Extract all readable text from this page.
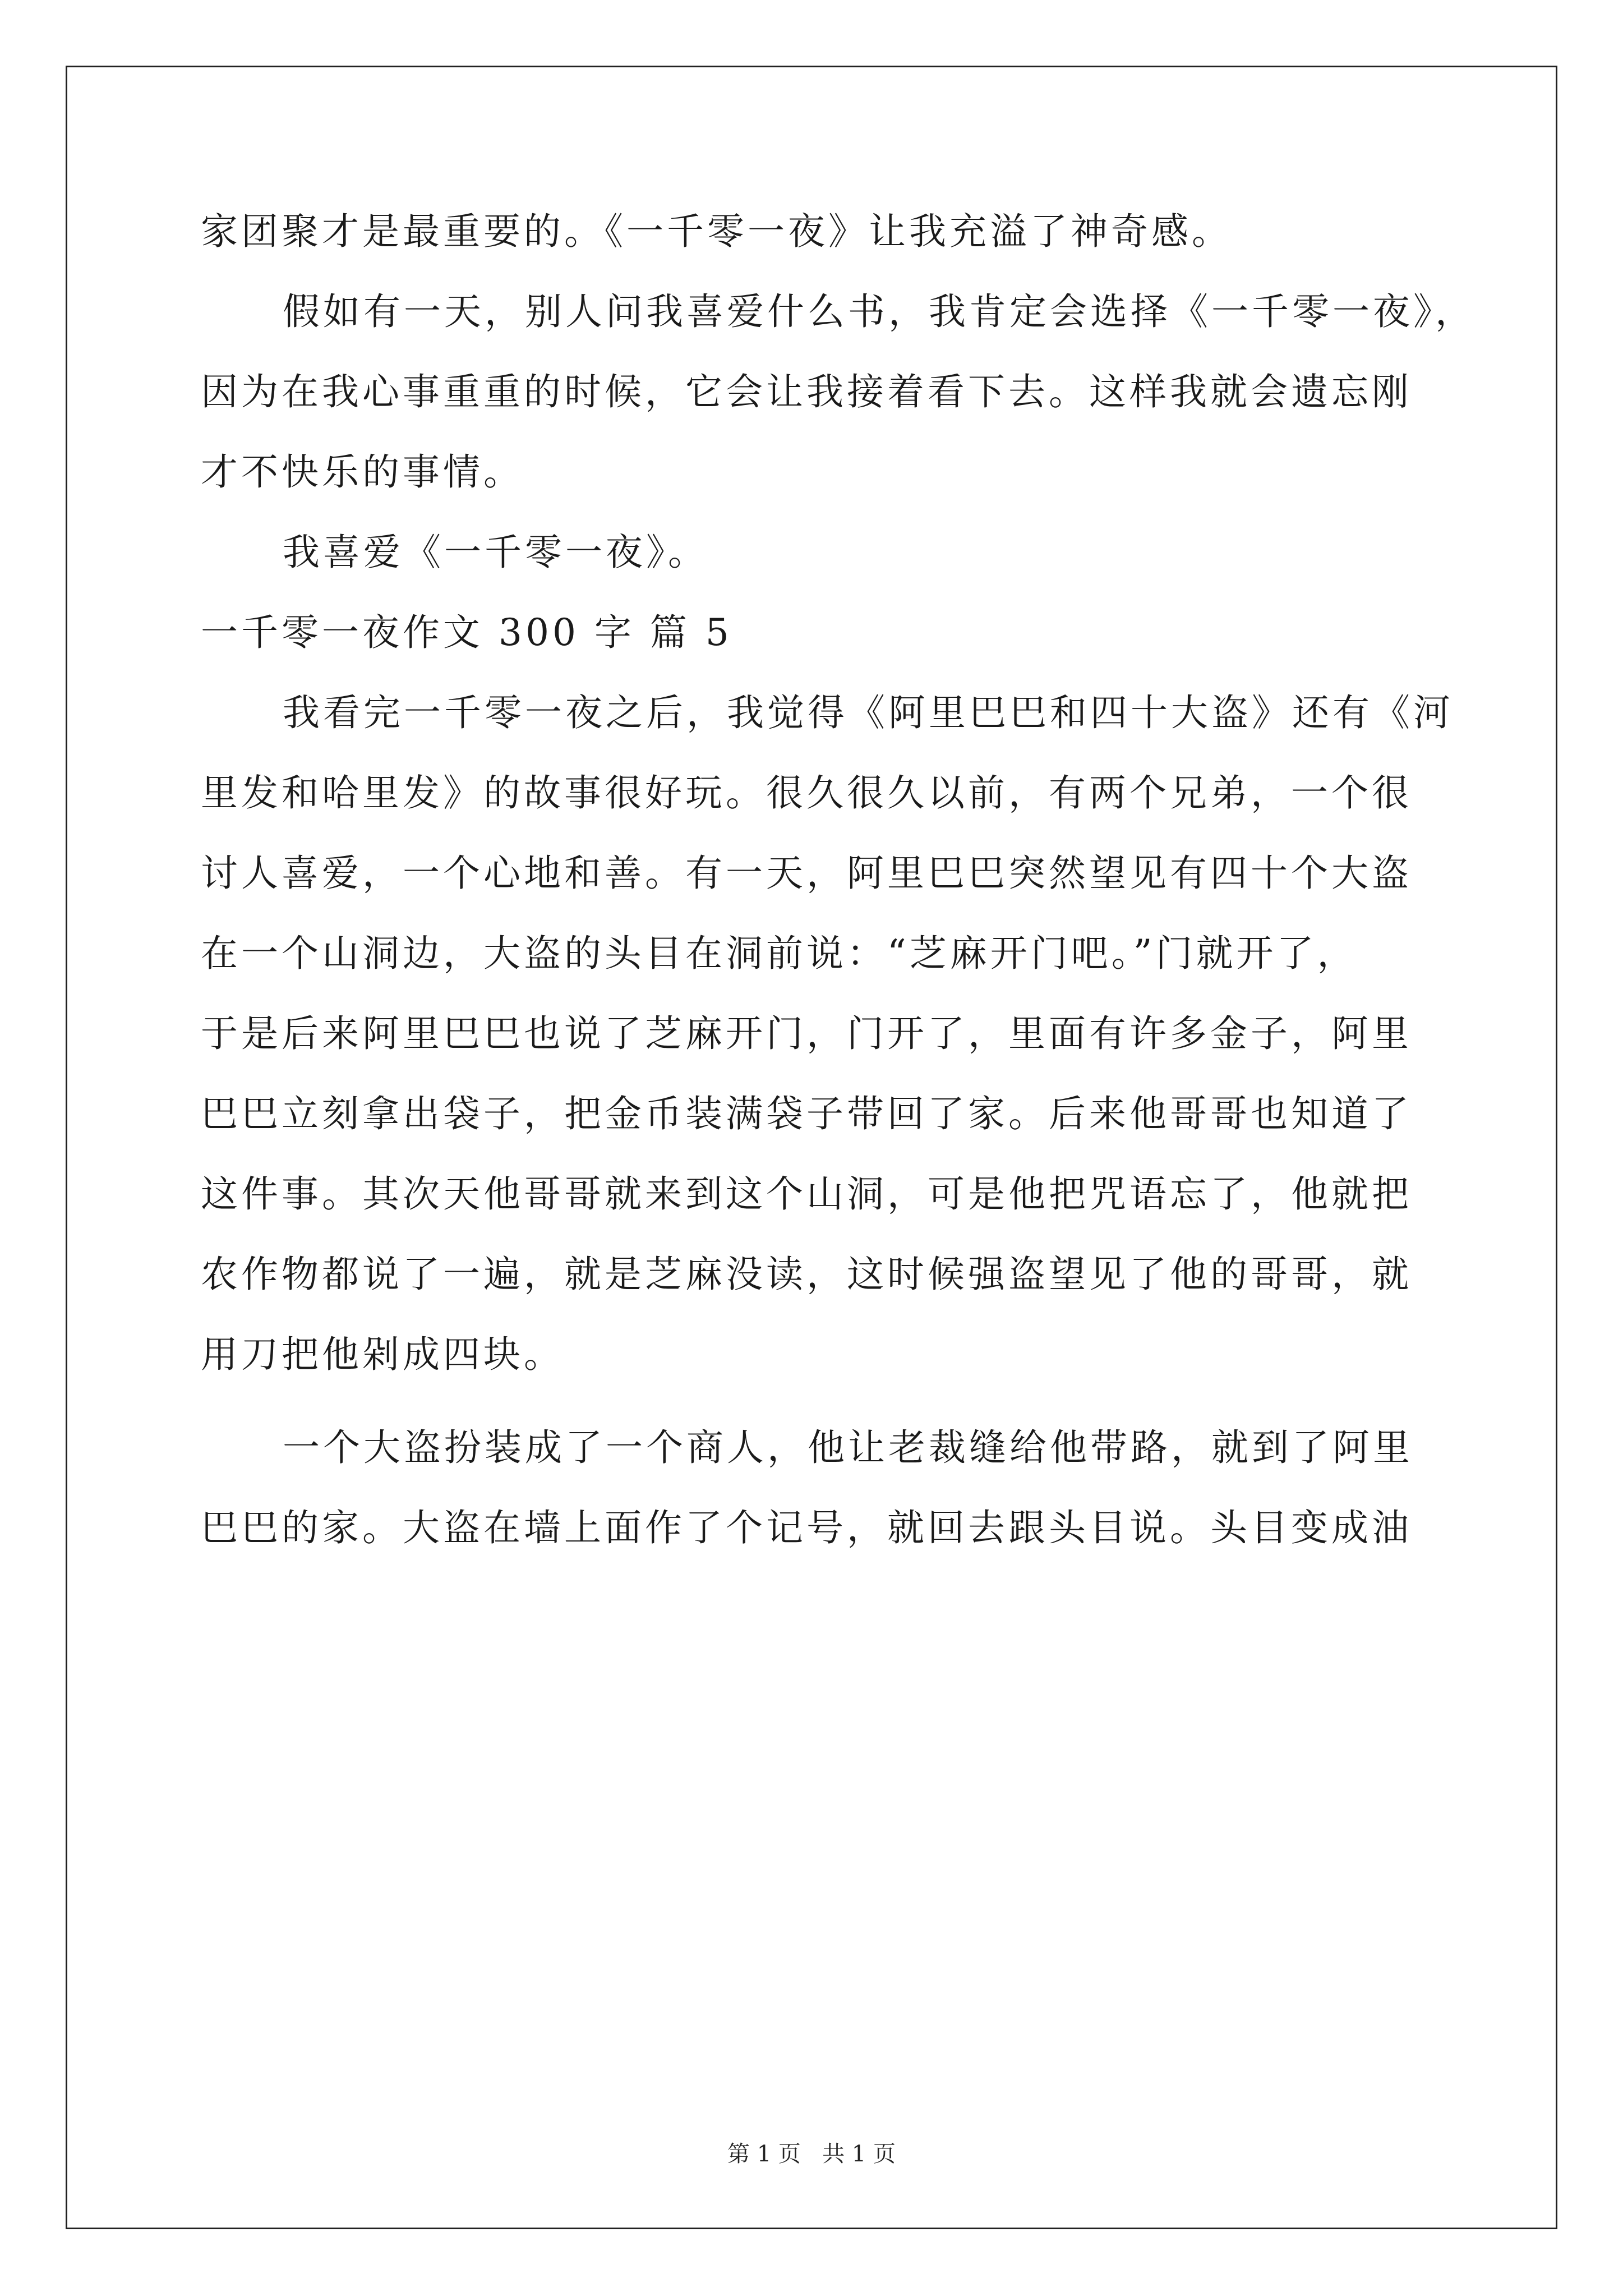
家团聚才是最重要的。《一千零一夜》让我充溢了神奇感。
假如有一天，别人问我喜爱什么书，我肯定会选择《一千零一夜》，
因为在我心事重重的时候，它会让我接着看下去。这样我就会遗忘刚
才不快乐的事情。
我喜爱《一千零一夜》。
一千零一夜作文 300 字 篇 5
我看完一千零一夜之后，我觉得《阿里巴巴和四十大盗》还有《河
里发和哈里发》的故事很好玩。很久很久以前，有两个兄弟，一个很
讨人喜爱，一个心地和善。有一天，阿里巴巴突然望见有四十个大盗
在一个山洞边，大盗的头目在洞前说：“芝麻开门吧。”门就开了，
于是后来阿里巴巴也说了芝麻开门，门开了，里面有许多金子，阿里
巴巴立刻拿出袋子，把金币装满袋子带回了家。后来他哥哥也知道了
这件事。其次天他哥哥就来到这个山洞，可是他把咒语忘了，他就把
农作物都说了一遍，就是芝麻没读，这时候强盗望见了他的哥哥，就
用刀把他剁成四块。
一个大盗扮装成了一个商人，他让老裁缝给他带路，就到了阿里
巴巴的家。大盗在墙上面作了个记号，就回去跟头目说。头目变成油
第 1 页   共 1 页
